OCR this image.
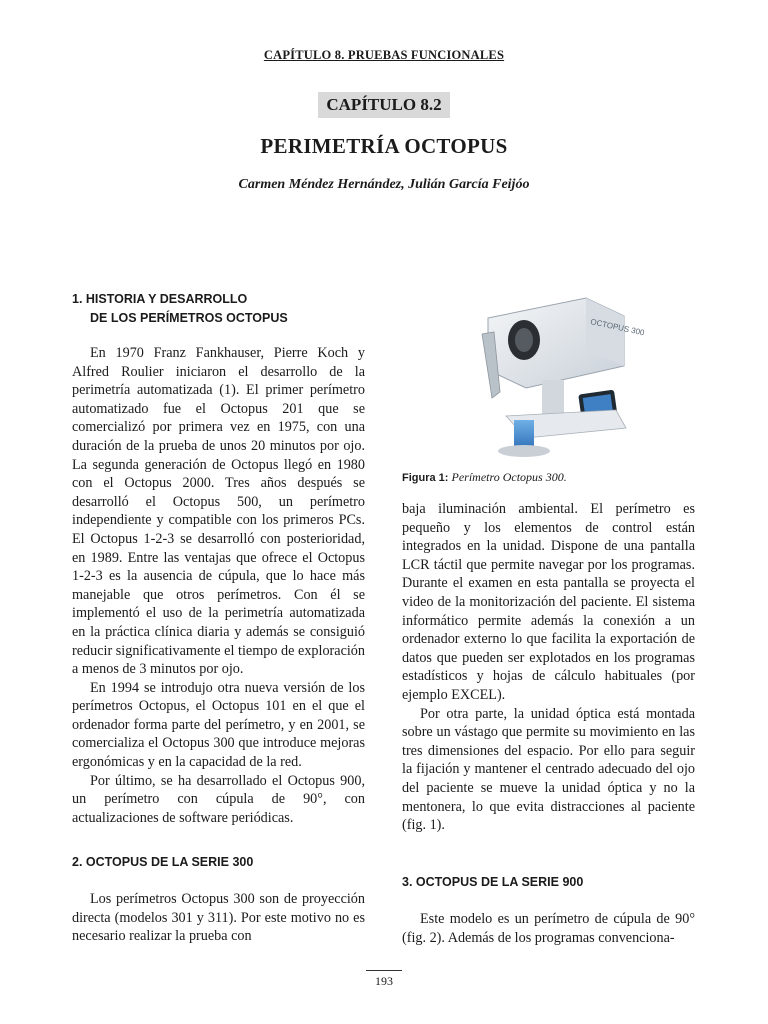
CAPÍTULO 8. PRUEBAS FUNCIONALES
CAPÍTULO 8.2
PERIMETRÍA OCTOPUS
Carmen Méndez Hernández, Julián García Feijóo
1. HISTORIA Y DESARROLLO
DE LOS PERÍMETROS OCTOPUS

En 1970 Franz Fankhauser, Pierre Koch y Alfred Roulier iniciaron el desarrollo de la perimetría automatizada (1). El primer perímetro automatizado fue el Octopus 201 que se comercializó por primera vez en 1975, con una duración de la prueba de unos 20 minutos por ojo. La segunda generación de Octopus llegó en 1980 con el Octopus 2000. Tres años después se desarrolló el Octopus 500, un perímetro independiente y compatible con los primeros PCs. El Octopus 1-2-3 se desarrolló con posterioridad, en 1989. Entre las ventajas que ofrece el Octopus 1-2-3 es la ausencia de cúpula, que lo hace más manejable que otros perímetros. Con él se implementó el uso de la perimetría automatizada en la práctica clínica diaria y además se consiguió reducir significativamente el tiempo de exploración a menos de 3 minutos por ojo.

En 1994 se introdujo otra nueva versión de los perímetros Octopus, el Octopus 101 en el que el ordenador forma parte del perímetro, y en 2001, se comercializa el Octopus 300 que introduce mejoras ergonómicas y en la capacidad de la red.

Por último, se ha desarrollado el Octopus 900, un perímetro con cúpula de 90°, con actualizaciones de software periódicas.

2. OCTOPUS DE LA SERIE 300

Los perímetros Octopus 300 son de proyección directa (modelos 301 y 311). Por este motivo no es necesario realizar la prueba con

OCTOPUS 300
Figura 1: Perímetro Octopus 300.

baja iluminación ambiental. El perímetro es pequeño y los elementos de control están integrados en la unidad. Dispone de una pantalla LCR táctil que permite navegar por los programas. Durante el examen en esta pantalla se proyecta el video de la monitorización del paciente. El sistema informático permite además la conexión a un ordenador externo lo que facilita la exportación de datos que pueden ser explotados en los programas estadísticos y hojas de cálculo habituales (por ejemplo EXCEL).

Por otra parte, la unidad óptica está montada sobre un vástago que permite su movimiento en las tres dimensiones del espacio. Por ello para seguir la fijación y mantener el centrado adecuado del ojo del paciente se mueve la unidad óptica y no la mentonera, lo que evita distracciones al paciente (fig. 1).

3. OCTOPUS DE LA SERIE 900

Este modelo es un perímetro de cúpula de 90° (fig. 2). Además de los programas convenciona-

193
